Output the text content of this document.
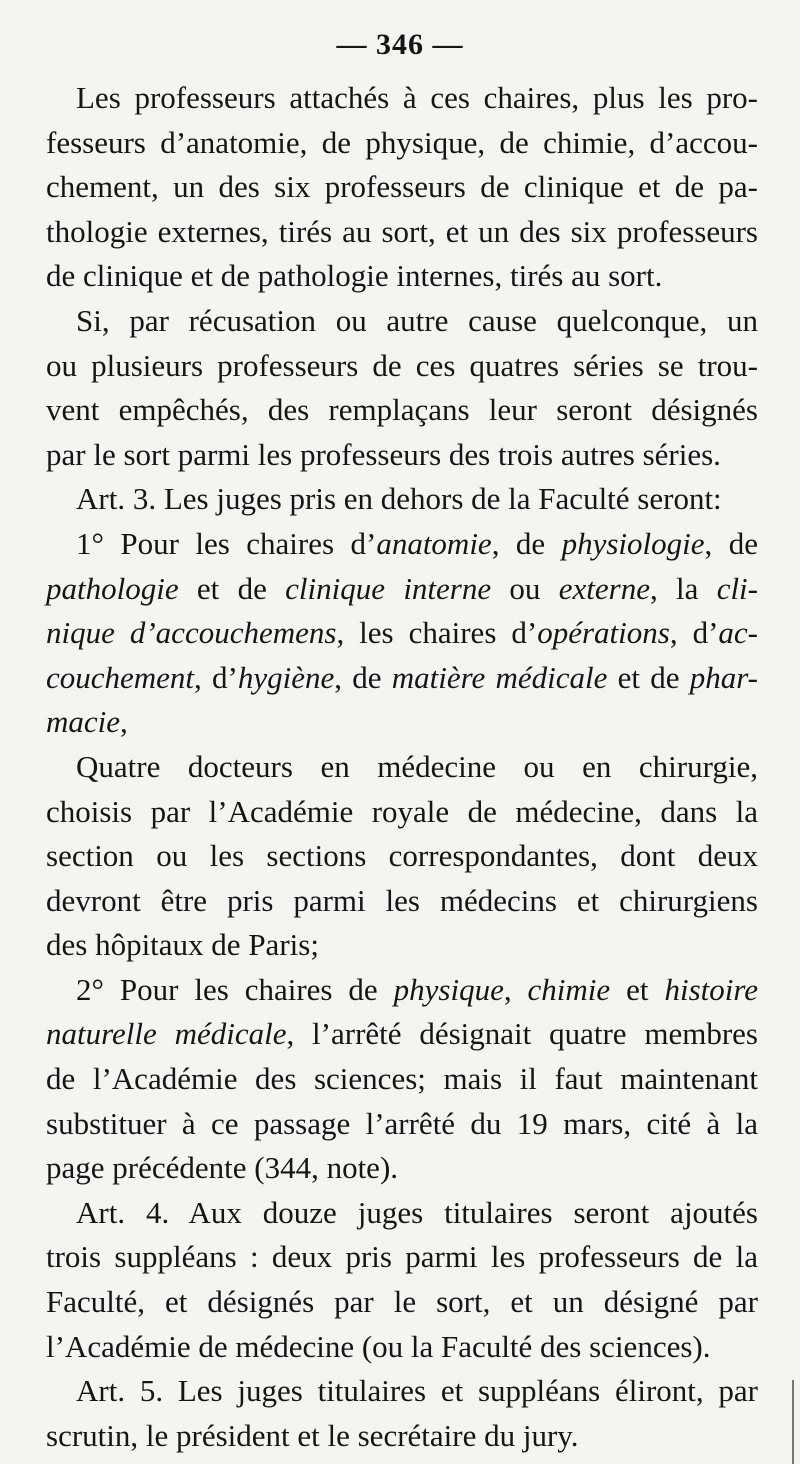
— 346 —
Les professeurs attachés à ces chaires, plus les pro-
fesseurs d’anatomie, de physique, de chimie, d’accou-
chement, un des six professeurs de clinique et de pa-
thologie externes, tirés au sort, et un des six professeurs
de clinique et de pathologie internes, tirés au sort.
Si, par récusation ou autre cause quelconque, un
ou plusieurs professeurs de ces quatres séries se trou-
vent empêchés, des remplaçans leur seront désignés
par le sort parmi les professeurs des trois autres séries.
Art. 3. Les juges pris en dehors de la Faculté seront:
1° Pour les chaires d’anatomie, de physiologie, de
pathologie et de clinique interne ou externe, la cli-
nique d’accouchemens, les chaires d’opérations, d’ac-
couchement, d’hygiène, de matière médicale et de phar-
macie,
Quatre docteurs en médecine ou en chirurgie,
choisis par l’Académie royale de médecine, dans la
section ou les sections correspondantes, dont deux
devront être pris parmi les médecins et chirurgiens
des hôpitaux de Paris;
2° Pour les chaires de physique, chimie et histoire
naturelle médicale, l’arrêté désignait quatre membres
de l’Académie des sciences; mais il faut maintenant
substituer à ce passage l’arrêté du 19 mars, cité à la
page précédente (344, note).
Art. 4. Aux douze juges titulaires seront ajoutés
trois suppléans : deux pris parmi les professeurs de la
Faculté, et désignés par le sort, et un désigné par
l’Académie de médecine (ou la Faculté des sciences).
Art. 5. Les juges titulaires et suppléans éliront, par
scrutin, le président et le secrétaire du jury.
